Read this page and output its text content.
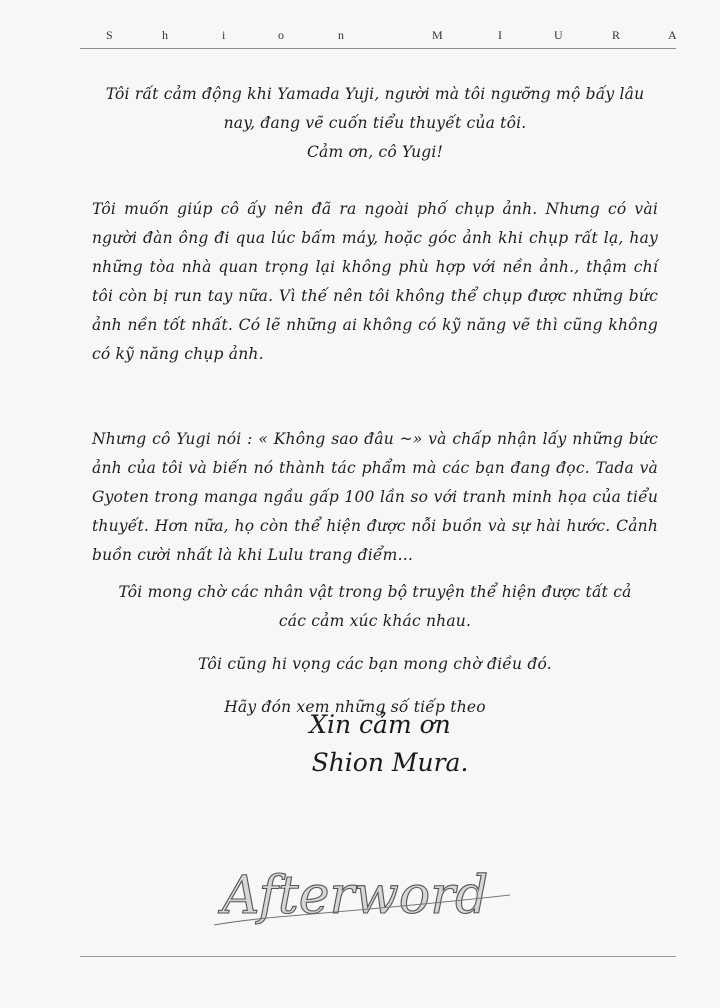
S	h	i	o	n	M	I	U	R	A

Tôi rất cảm động khi Yamada Yuji, người mà tôi ngưỡng mộ bấy lâu nay, đang vẽ cuốn tiểu thuyết của tôi.

Cảm ơn, cô Yugi!

Tôi muốn giúp cô ấy nên đã ra ngoài phố chụp ảnh. Nhưng có vài người đàn ông đi qua lúc bấm máy, hoặc góc ảnh khi chụp rất lạ, hay những tòa nhà quan trọng lại không phù hợp với nền ảnh., thậm chí tôi còn bị run tay nữa. Vì thế nên tôi không thể chụp được những bức ảnh nền tốt nhất. Có lẽ những ai không có kỹ năng vẽ thì cũng không có kỹ năng chụp ảnh.

Nhưng cô Yugi nói : « Không sao đâu ~» và chấp nhận lấy những bức ảnh của tôi và biến nó thành tác phẩm mà các bạn đang đọc. Tada và Gyoten trong manga ngầu gấp 100 lần so với tranh minh họa của tiểu thuyết. Hơn nữa, họ còn thể hiện được nỗi buồn và sự hài hước. Cảnh buồn cười nhất là khi Lulu trang điểm…

Tôi mong chờ các nhân vật trong bộ truyện thể hiện được tất cả các cảm xúc khác nhau.

Tôi cũng hi vọng các bạn mong chờ điều đó.

Hãy đón xem những số tiếp theo

Xin cảm ơn
Shion Mura.
Afterword
